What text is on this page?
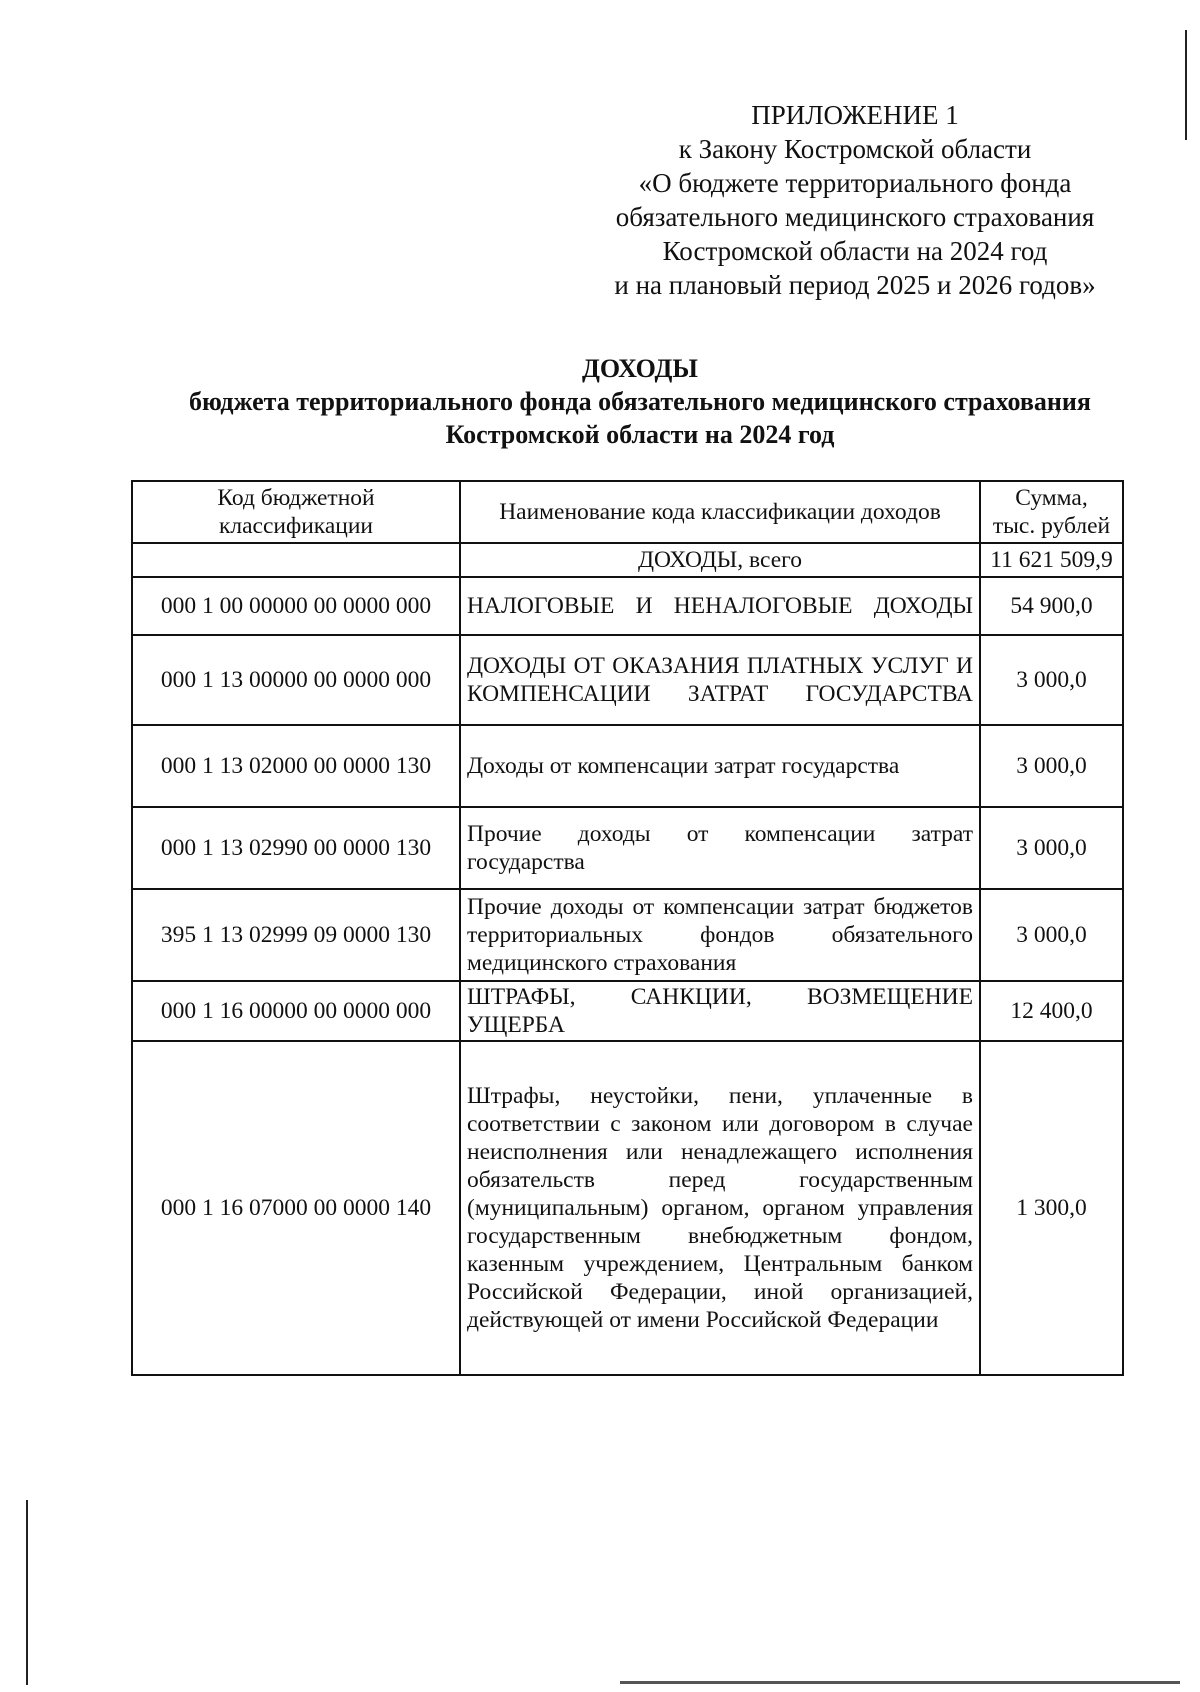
ПРИЛОЖЕНИЕ 1
к Закону Костромской области
«О бюджете территориального фонда
обязательного медицинского страхования
Костромской области на 2024 год
и на плановый период 2025 и 2026 годов»
ДОХОДЫ
бюджета территориального фонда обязательного медицинского страхования
Костромской области на 2024 год
Код бюджетной классификации	Наименование кода классификации доходов	Сумма,
тыс. рублей

	ДОХОДЫ, всего	11 621 509,9
000 1 00 00000 00 0000 000	НАЛОГОВЫЕ И НЕНАЛОГОВЫЕ ДОХОДЫ	54 900,0
000 1 13 00000 00 0000 000	ДОХОДЫ ОТ ОКАЗАНИЯ ПЛАТНЫХ УСЛУГ И КОМПЕНСАЦИИ ЗАТРАТ ГОСУДАРСТВА	3 000,0
000 1 13 02000 00 0000 130	Доходы от компенсации затрат государства	3 000,0
000 1 13 02990 00 0000 130	Прочие доходы от компенсации затрат государства	3 000,0
395 1 13 02999 09 0000 130	Прочие доходы от компенсации затрат бюджетов территориальных фондов обязательного медицинского страхования	3 000,0
000 1 16 00000 00 0000 000	ШТРАФЫ, САНКЦИИ, ВОЗМЕЩЕНИЕ УЩЕРБА	12 400,0
000 1 16 07000 00 0000 140	Штрафы, неустойки, пени, уплаченные в соответствии с законом или договором в случае неисполнения или ненадлежащего исполнения обязательств перед государственным (муниципальным) органом, органом управления государственным внебюджетным фондом, казенным учреждением, Центральным банком Российской Федерации, иной организацией, действующей от имени Российской Федерации	1 300,0
